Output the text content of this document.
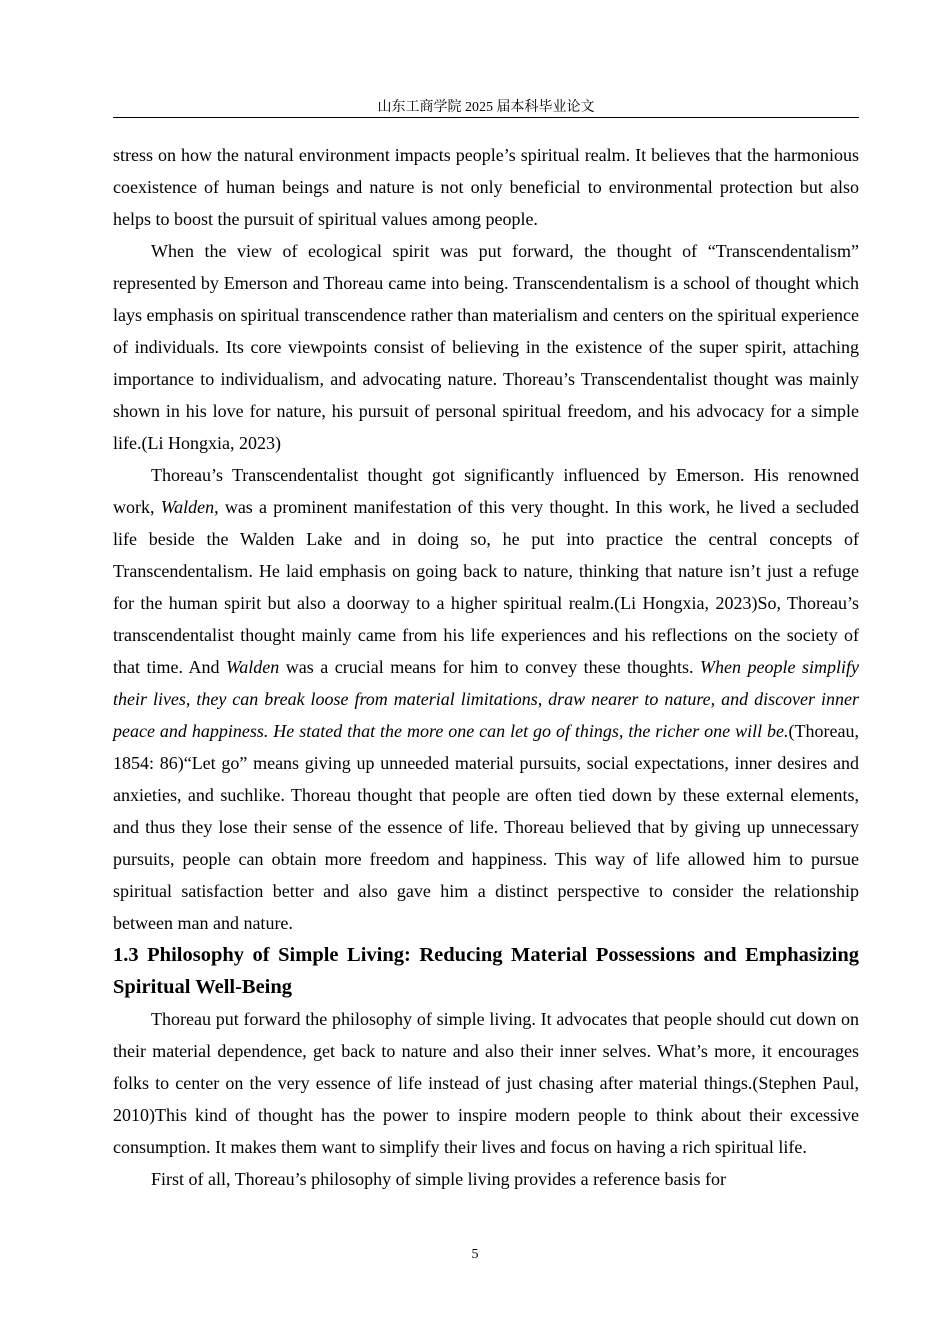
山东工商学院 2025 届本科毕业论文

stress on how the natural environment impacts people’s spiritual realm. It believes that the harmonious coexistence of human beings and nature is not only beneficial to environmental protection but also helps to boost the pursuit of spiritual values among people.

When the view of ecological spirit was put forward, the thought of “Transcendentalism” represented by Emerson and Thoreau came into being. Transcendentalism is a school of thought which lays emphasis on spiritual transcendence rather than materialism and centers on the spiritual experience of individuals. Its core viewpoints consist of believing in the existence of the super spirit, attaching importance to individualism, and advocating nature. Thoreau’s Transcendentalist thought was mainly shown in his love for nature, his pursuit of personal spiritual freedom, and his advocacy for a simple life.(Li Hongxia, 2023)

Thoreau’s Transcendentalist thought got significantly influenced by Emerson. His renowned work, Walden, was a prominent manifestation of this very thought. In this work, he lived a secluded life beside the Walden Lake and in doing so, he put into practice the central concepts of Transcendentalism. He laid emphasis on going back to nature, thinking that nature isn’t just a refuge for the human spirit but also a doorway to a higher spiritual realm.(Li Hongxia, 2023)So, Thoreau’s transcendentalist thought mainly came from his life experiences and his reflections on the society of that time. And Walden was a crucial means for him to convey these thoughts. When people simplify their lives, they can break loose from material limitations, draw nearer to nature, and discover inner peace and happiness. He stated that the more one can let go of things, the richer one will be.(Thoreau, 1854: 86)“Let go” means giving up unneeded material pursuits, social expectations, inner desires and anxieties, and suchlike. Thoreau thought that people are often tied down by these external elements, and thus they lose their sense of the essence of life. Thoreau believed that by giving up unnecessary pursuits, people can obtain more freedom and happiness. This way of life allowed him to pursue spiritual satisfaction better and also gave him a distinct perspective to consider the relationship between man and nature.

1.3 Philosophy of Simple Living: Reducing Material Possessions and Emphasizing Spiritual Well-Being

Thoreau put forward the philosophy of simple living. It advocates that people should cut down on their material dependence, get back to nature and also their inner selves. What’s more, it encourages folks to center on the very essence of life instead of just chasing after material things.(Stephen Paul, 2010)This kind of thought has the power to inspire modern people to think about their excessive consumption. It makes them want to simplify their lives and focus on having a rich spiritual life.

First of all, Thoreau’s philosophy of simple living provides a reference basis for

5
